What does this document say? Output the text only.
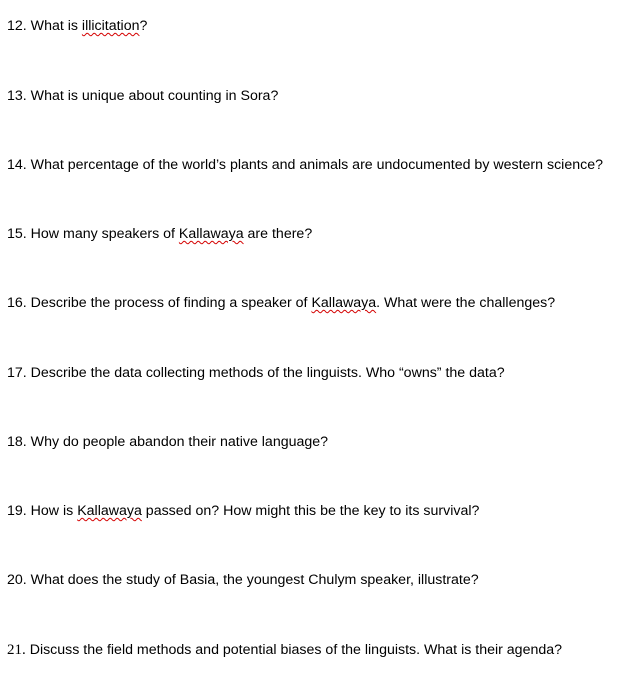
12. What is illicitation?
13. What is unique about counting in Sora?
14. What percentage of the world’s plants and animals are undocumented by western science?
15. How many speakers of Kallawaya are there?
16. Describe the process of finding a speaker of Kallawaya. What were the challenges?
17. Describe the data collecting methods of the linguists. Who “owns” the data?
18. Why do people abandon their native language?
19. How is Kallawaya passed on? How might this be the key to its survival?
20. What does the study of Basia, the youngest Chulym speaker, illustrate?
21. Discuss the field methods and potential biases of the linguists. What is their agenda?
